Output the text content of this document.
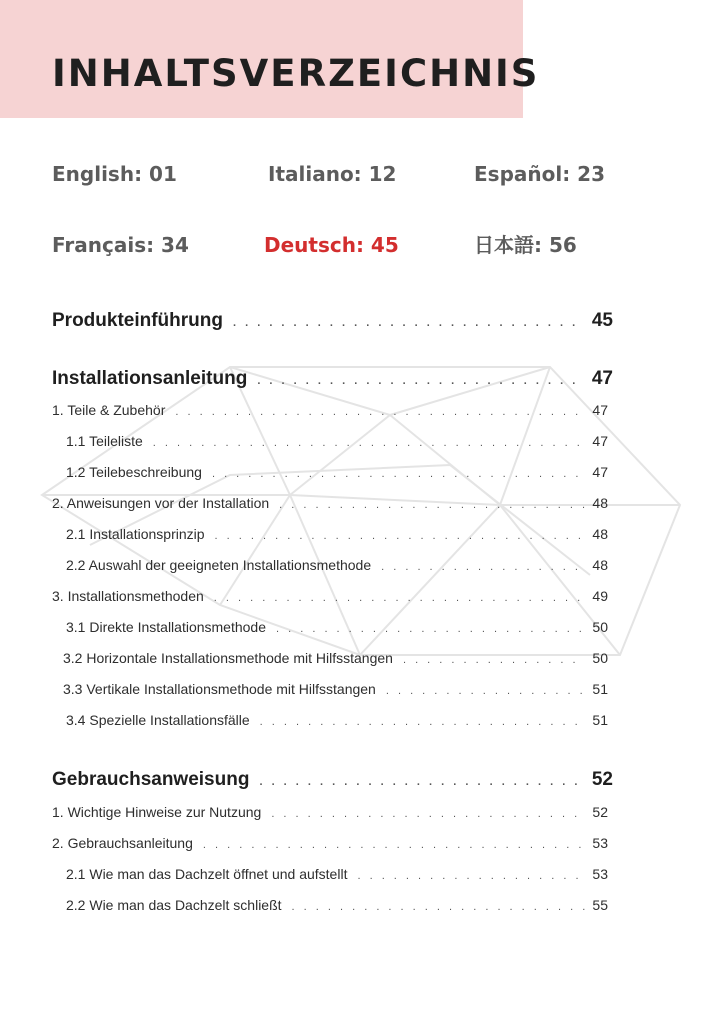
INHALTSVERZEICHNIS
English: 01	Italiano: 12	Español: 23
Français: 34	Deutsch: 45	日本語: 56
Produkteinführung . . .	45
Installationsanleitung . . .	47
1. Teile & Zubehör . . .	47
1.1 Teileliste . . .	47
1.2 Teilebeschreibung . . .	47
2. Anweisungen vor der Installation . . .	48
2.1 Installationsprinzip . . .	48
2.2 Auswahl der geeigneten Installationsmethode . . .	48
3. Installationsmethoden . . .	49
3.1 Direkte Installationsmethode . . .	50
3.2 Horizontale Installationsmethode mit Hilfsstangen . . .	50
3.3 Vertikale Installationsmethode mit Hilfsstangen . . .	51
3.4 Spezielle Installationsfälle . . .	51
Gebrauchsanweisung . . .	52
1. Wichtige Hinweise zur Nutzung . . .	52
2. Gebrauchsanleitung . . .	53
2.1 Wie man das Dachzelt öffnet und aufstellt . . .	53
2.2 Wie man das Dachzelt schließt . . .	55
